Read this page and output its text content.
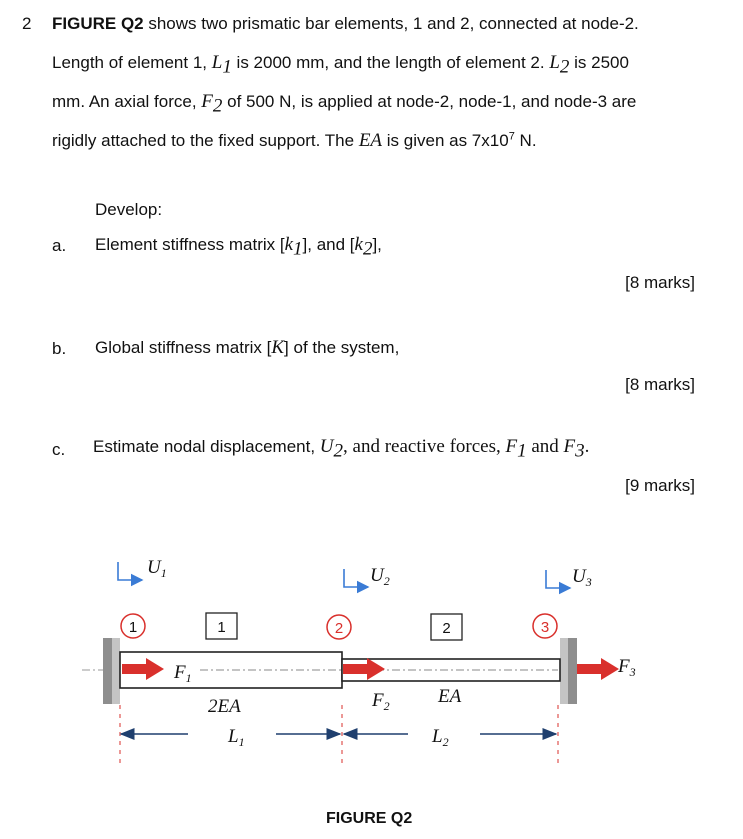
2 FIGURE Q2 shows two prismatic bar elements, 1 and 2, connected at node-2.
Length of element 1, $L_1$ is 2000 mm, and the length of element 2. $L_2$ is 2500
mm. An axial force, $F_2$ of 500 N, is applied at node-2, node-1, and node-3 are
rigidly attached to the fixed support. The EA is given as $7x10^7$ N.
Develop:
a. Element stiffness matrix $[k_1]$, and $[k_2]$,
[8 marks]
b. Global stiffness matrix [K] of the system,
[8 marks]
c. Estimate nodal displacement, $U_2$, and reactive forces, $F_1$ and $F_3$.
[9 marks]
$U_1$	$U_2$	$U_3$
1	2	3
1	2
$F_1$
$F_2$
$F_3$
2EA	EA
$L_1$	$L_2$
FIGURE Q2
